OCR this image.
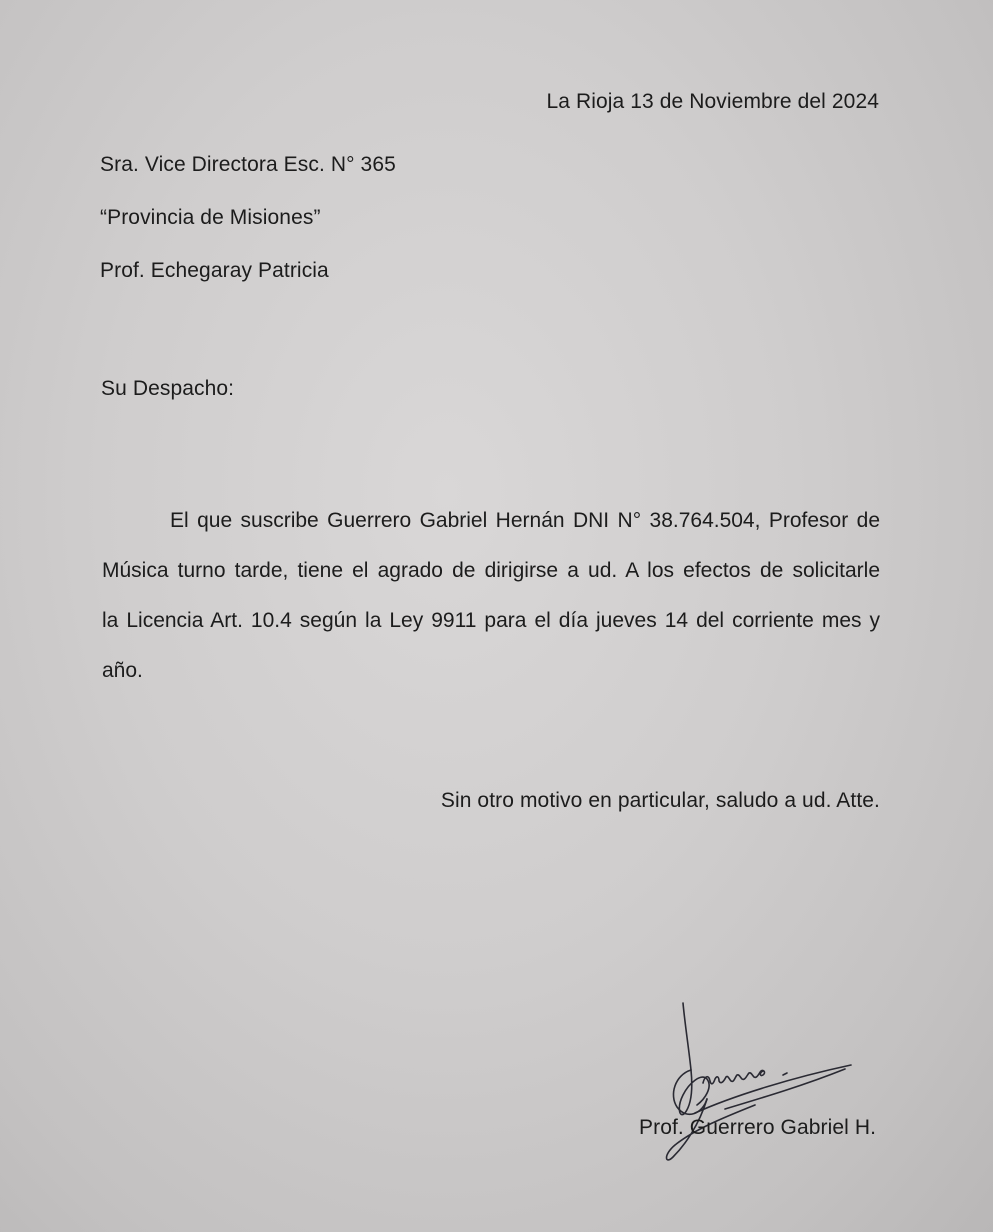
La Rioja 13 de Noviembre del 2024
Sra. Vice Directora Esc. N° 365
“Provincia de Misiones”
Prof. Echegaray Patricia
Su Despacho:
El que suscribe Guerrero Gabriel Hernán DNI N° 38.764.504, Profesor de
Música turno tarde, tiene el agrado de dirigirse a ud. A los efectos de solicitarle
la Licencia Art. 10.4 según la Ley 9911 para el día jueves 14 del corriente mes y
año.
Sin otro motivo en particular, saludo a ud. Atte.
Prof. Guerrero Gabriel H.
